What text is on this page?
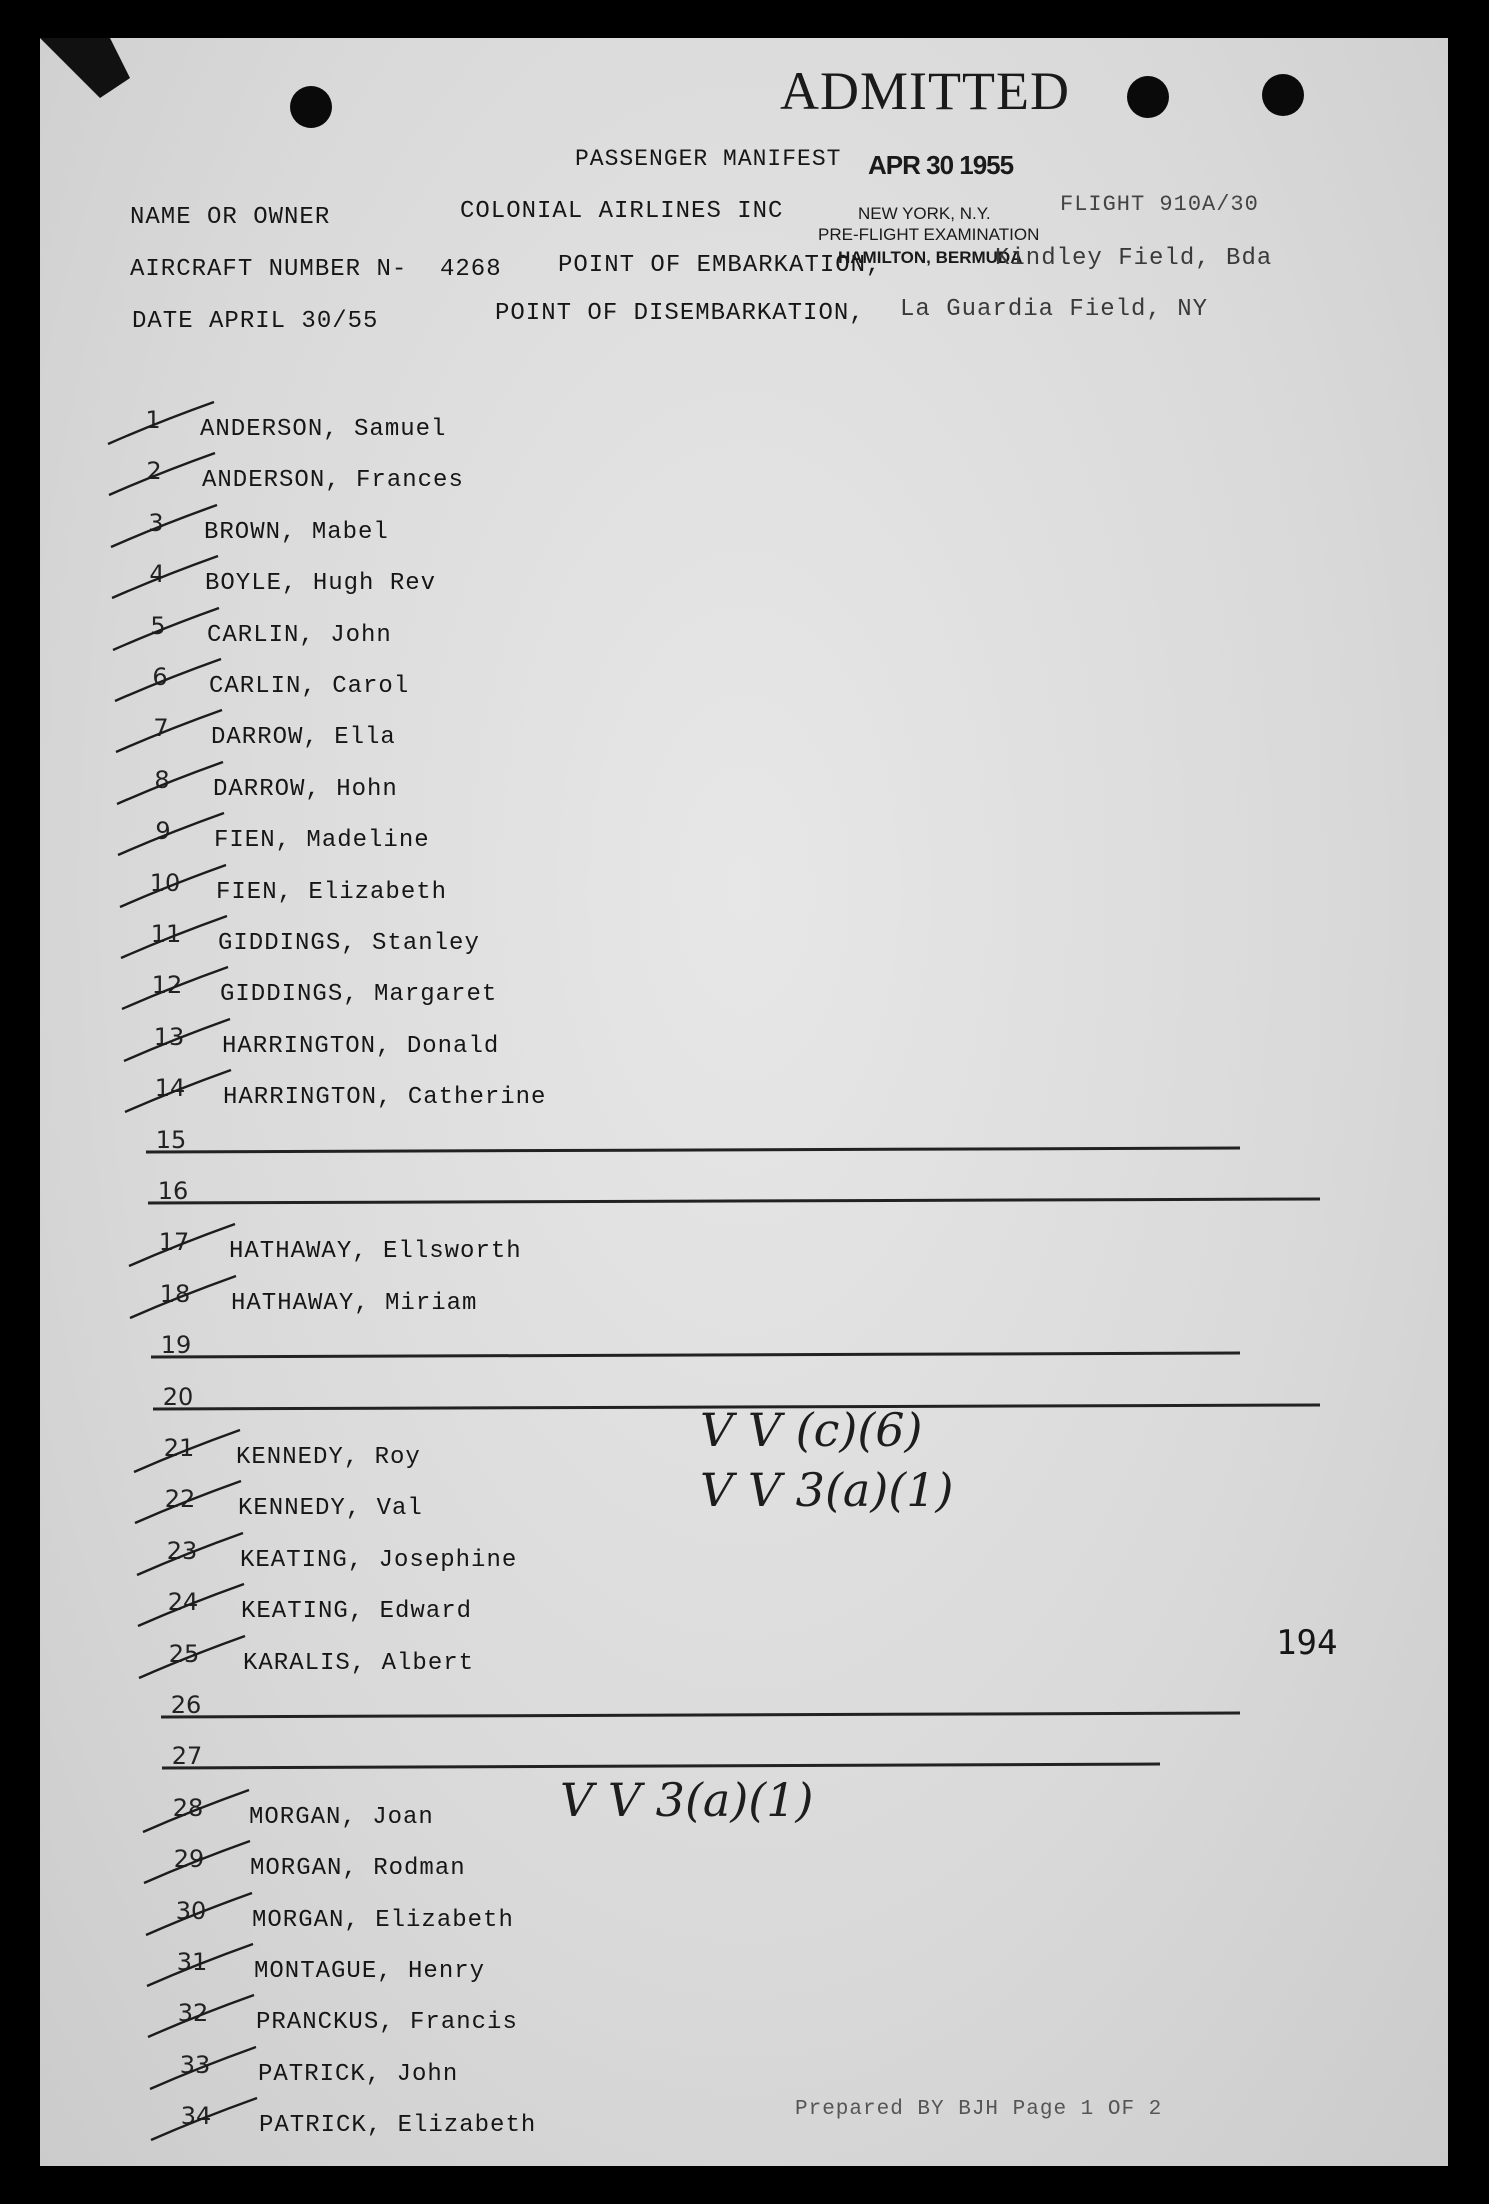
ADMITTED
PASSENGER MANIFEST APR 30 1955
NAME OR OWNER	COLONIAL AIRLINES INC	NEW YORK, N.Y.	FLIGHT 910A/30
PRE-FLIGHT EXAMINATION
AIRCRAFT NUMBER N- 4268 POINT OF EMBARKATION,
HAMILTON, BERMUDA
Kindley Field, Bda
DATE APRIL 30/55	POINT OF DISEMBARKATION, La Guardia Field, NY
1	ANDERSON, Samuel
2	ANDERSON, Frances
3	BROWN, Mabel
4	BOYLE, Hugh Rev
5	CARLIN, John
6	CARLIN, Carol
7	DARROW, Ella
8	DARROW, Hohn
9	FIEN, Madeline
10	FIEN, Elizabeth
11	GIDDINGS, Stanley
12	GIDDINGS, Margaret
13	HARRINGTON, Donald
14	HARRINGTON, Catherine
15
16
17	HATHAWAY, Ellsworth
18	HATHAWAY, Miriam
19
20
21	KENNEDY, Roy
22	KENNEDY, Val
23	KEATING, Josephine
24	KEATING, Edward
25	KARALIS, Albert
26
27
28	MORGAN, Joan
29	MORGAN, Rodman
30	MORGAN, Elizabeth
31	MONTAGUE, Henry
32	PRANCKUS, Francis
33	PATRICK, John
34	PATRICK, Elizabeth
V V (c)(6)
V V 3(a)(1)
V V 3(a)(1)
194
Prepared BY BJH Page 1 OF 2
